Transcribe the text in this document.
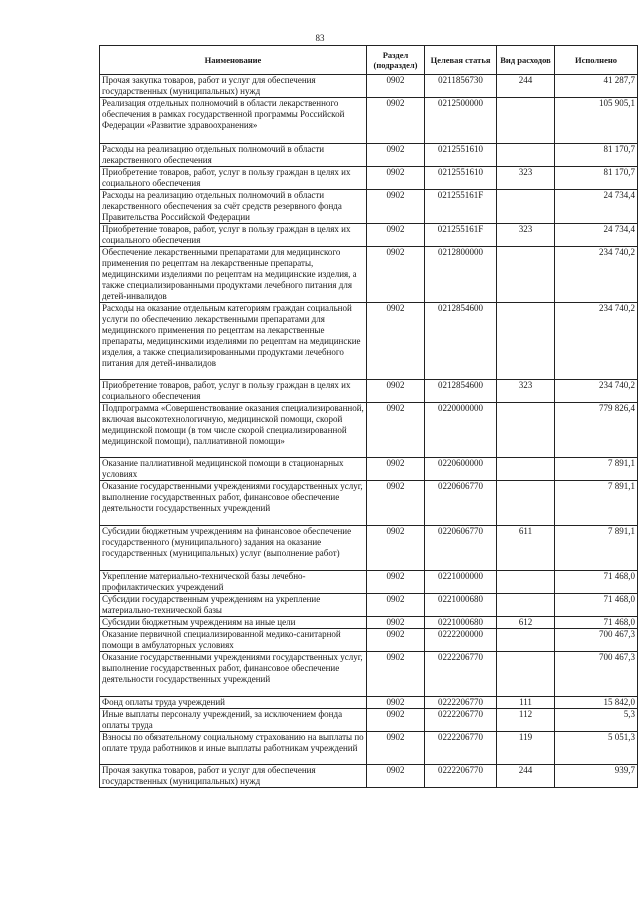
83
Наименование	Раздел (подраздел)	Целевая статья	Вид расходов	Исполнено
Прочая закупка товаров, работ и услуг для обеспечения государственных (муниципальных) нужд	0902	0211856730	244	41 287,7
Реализация отдельных полномочий в области лекарственного обеспечения в рамках государственной программы Российской Федерации «Развитие здравоохранения»	0902	0212500000		105 905,1
Расходы на реализацию отдельных полномочий в области лекарственного обеспечения	0902	0212551610		81 170,7
Приобретение товаров, работ, услуг в пользу граждан в целях их социального обеспечения	0902	0212551610	323	81 170,7
Расходы на реализацию отдельных полномочий в области лекарственного обеспечения за счёт средств резервного фонда Правительства Российской Федерации	0902	021255161F		24 734,4
Приобретение товаров, работ, услуг в пользу граждан в целях их социального обеспечения	0902	021255161F	323	24 734,4
Обеспечение лекарственными препаратами для медицинского применения по рецептам на лекарственные препараты, медицинскими изделиями по рецептам на медицинские изделия, а также специализированными продуктами лечебного питания для детей-инвалидов	0902	0212800000		234 740,2
Расходы на оказание отдельным категориям граждан социальной услуги по обеспечению лекарственными препаратами для медицинского применения по рецептам на лекарственные препараты, медицинскими изделиями по рецептам на медицинские изделия, а также специализированными продуктами лечебного питания для детей-инвалидов	0902	0212854600		234 740,2
Приобретение товаров, работ, услуг в пользу граждан в целях их социального обеспечения	0902	0212854600	323	234 740,2
Подпрограмма «Совершенствование оказания специализированной, включая высокотехнологичную, медицинской помощи, скорой медицинской помощи (в том числе скорой специализированной медицинской помощи), паллиативной помощи»	0902	0220000000		779 826,4
Оказание паллиативной медицинской помощи в стационарных условиях	0902	0220600000		7 891,1
Оказание государственными учреждениями государственных услуг, выполнение государственных работ, финансовое обеспечение деятельности государственных учреждений	0902	0220606770		7 891,1
Субсидии бюджетным учреждениям на финансовое обеспечение государственного (муниципального) задания на оказание государственных (муниципальных) услуг (выполнение работ)	0902	0220606770	611	7 891,1
Укрепление материально-технической базы лечебно-профилактических учреждений	0902	0221000000		71 468,0
Субсидии государственным учреждениям на укрепление материально-технической базы	0902	0221000680		71 468,0
Субсидии бюджетным учреждениям на иные цели	0902	0221000680	612	71 468,0
Оказание первичной специализированной медико-санитарной помощи в амбулаторных условиях	0902	0222200000		700 467,3
Оказание государственными учреждениями государственных услуг, выполнение государственных работ, финансовое обеспечение деятельности государственных учреждений	0902	0222206770		700 467,3
Фонд оплаты труда учреждений	0902	0222206770	111	15 842,0
Иные выплаты персоналу учреждений, за исключением фонда оплаты труда	0902	0222206770	112	5,3
Взносы по обязательному социальному страхованию на выплаты по оплате труда работников и иные выплаты работникам учреждений	0902	0222206770	119	5 051,3
Прочая закупка товаров, работ и услуг для обеспечения государственных (муниципальных) нужд	0902	0222206770	244	939,7
